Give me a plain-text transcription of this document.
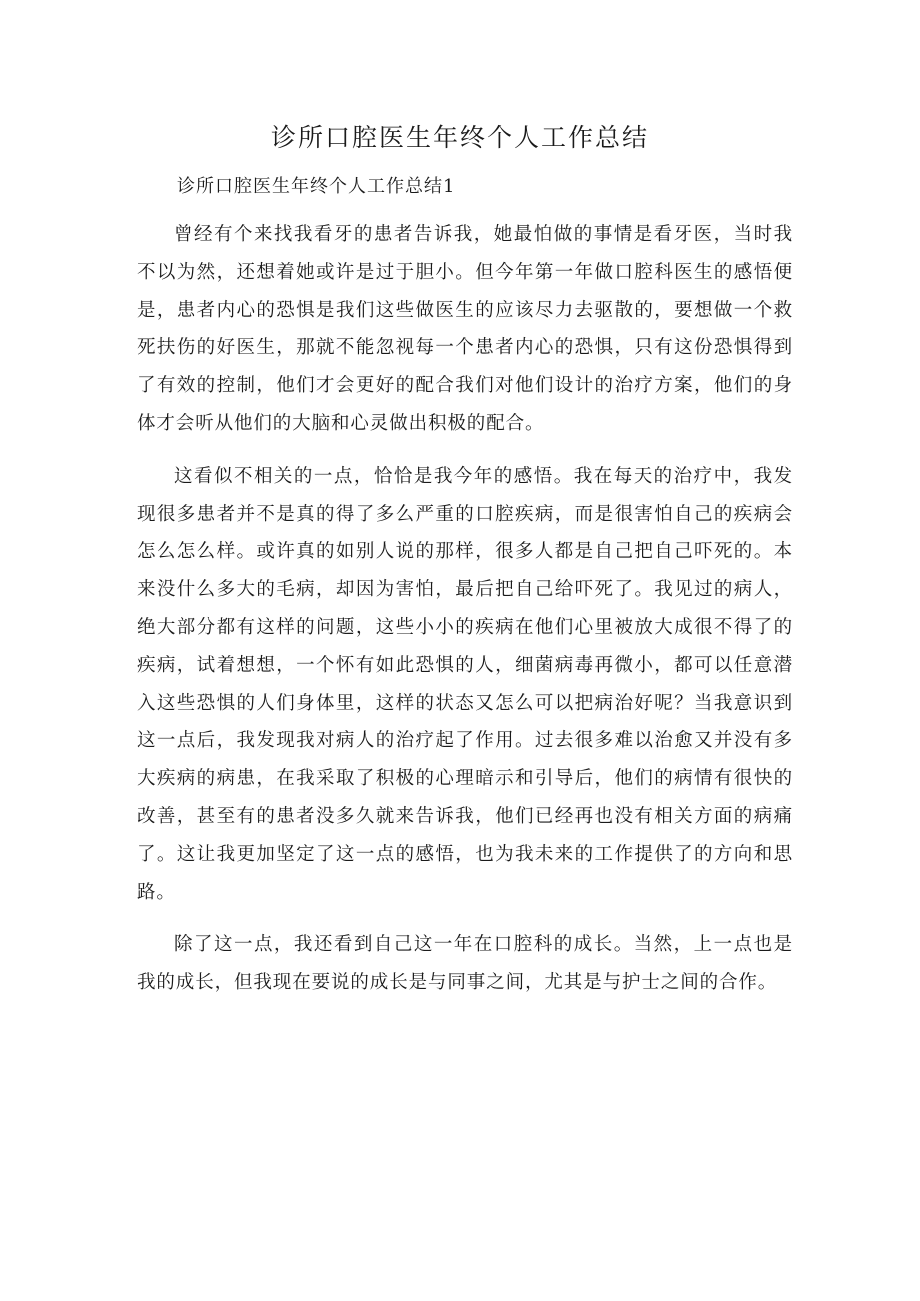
诊所口腔医生年终个人工作总结

诊所口腔医生年终个人工作总结1

曾经有个来找我看牙的患者告诉我，她最怕做的事情是看牙医，当时我不以为然，还想着她或许是过于胆小。但今年第一年做口腔科医生的感悟便是，患者内心的恐惧是我们这些做医生的应该尽力去驱散的，要想做一个救死扶伤的好医生，那就不能忽视每一个患者内心的恐惧，只有这份恐惧得到了有效的控制，他们才会更好的配合我们对他们设计的治疗方案，他们的身体才会听从他们的大脑和心灵做出积极的配合。

这看似不相关的一点，恰恰是我今年的感悟。我在每天的治疗中，我发现很多患者并不是真的得了多么严重的口腔疾病，而是很害怕自己的疾病会怎么怎么样。或许真的如别人说的那样，很多人都是自己把自己吓死的。本来没什么多大的毛病，却因为害怕，最后把自己给吓死了。我见过的病人，绝大部分都有这样的问题，这些小小的疾病在他们心里被放大成很不得了的疾病，试着想想，一个怀有如此恐惧的人，细菌病毒再微小，都可以任意潜入这些恐惧的人们身体里，这样的状态又怎么可以把病治好呢？当我意识到这一点后，我发现我对病人的治疗起了作用。过去很多难以治愈又并没有多大疾病的病患，在我采取了积极的心理暗示和引导后，他们的病情有很快的改善，甚至有的患者没多久就来告诉我，他们已经再也没有相关方面的病痛了。这让我更加坚定了这一点的感悟，也为我未来的工作提供了的方向和思路。

除了这一点，我还看到自己这一年在口腔科的成长。当然，上一点也是我的成长，但我现在要说的成长是与同事之间，尤其是与护士之间的合作。
